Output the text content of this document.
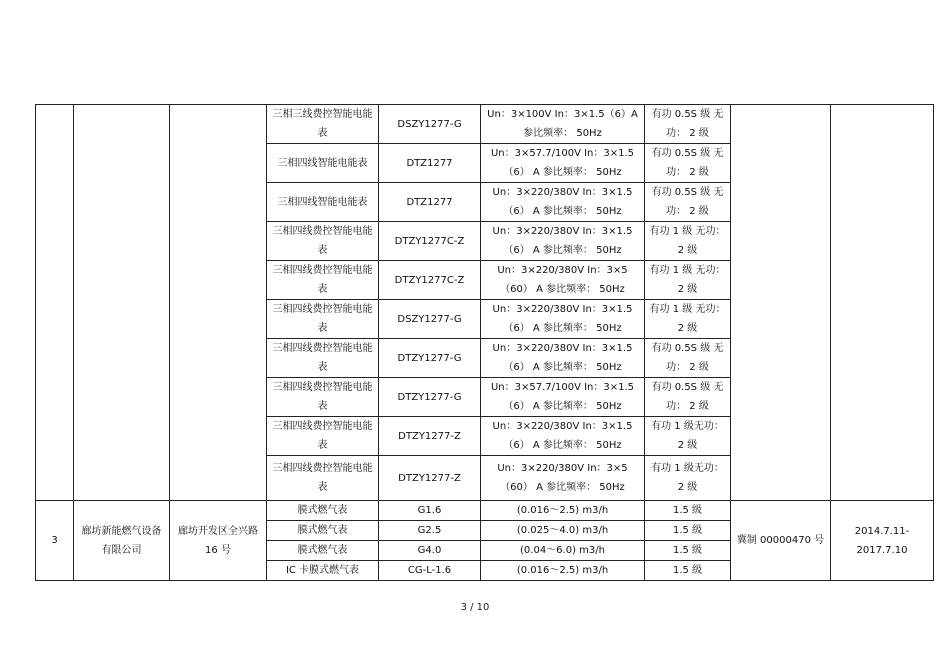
			三相三线费控智能电能表	DSZY1277-G	Un：3×100V In：3×1.5（6）A 参比频率： 50Hz	有功 0.5S 级 无功： 2 级		
			三相四线智能电能表	DTZ1277	Un：3×57.7/100V In：3×1.5（6） A 参比频率： 50Hz	有功 0.5S 级 无功： 2 级		
			三相四线智能电能表	DTZ1277	Un：3×220/380V In：3×1.5（6） A 参比频率： 50Hz	有功 0.5S 级 无功： 2 级		
			三相四线费控智能电能表	DTZY1277C-Z	Un：3×220/380V In：3×1.5（6） A 参比频率： 50Hz	有功 1 级 无功： 2 级		
			三相四线费控智能电能表	DTZY1277C-Z	Un：3×220/380V In：3×5（60） A 参比频率： 50Hz	有功 1 级 无功： 2 级		
			三相四线费控智能电能表	DSZY1277-G	Un：3×220/380V In：3×1.5（6） A 参比频率： 50Hz	有功 1 级 无功： 2 级		
			三相四线费控智能电能表	DTZY1277-G	Un：3×220/380V In：3×1.5（6） A 参比频率： 50Hz	有功 0.5S 级 无功： 2 级		
			三相四线费控智能电能表	DTZY1277-G	Un：3×57.7/100V In：3×1.5（6） A 参比频率： 50Hz	有功 0.5S 级 无功： 2 级		
			三相四线费控智能电能表	DTZY1277-Z	Un：3×220/380V In：3×1.5（6） A 参比频率： 50Hz	有功 1 级无功： 2 级		
			三相四线费控智能电能表	DTZY1277-Z	Un：3×220/380V In：3×5（60） A 参比频率： 50Hz	有功 1 级无功： 2 级		
3	廊坊新能燃气设备有限公司	廊坊开发区全兴路 16 号	膜式燃气表	G1.6	(0.016～2.5) m3/h	1.5 级	冀制 00000470 号	2014.7.11-2017.7.10
			膜式燃气表	G2.5	(0.025～4.0) m3/h	1.5 级		
			膜式燃气表	G4.0	(0.04～6.0) m3/h	1.5 级		
			IC 卡膜式燃气表	CG-L-1.6	(0.016～2.5) m3/h	1.5 级		
3 / 10
